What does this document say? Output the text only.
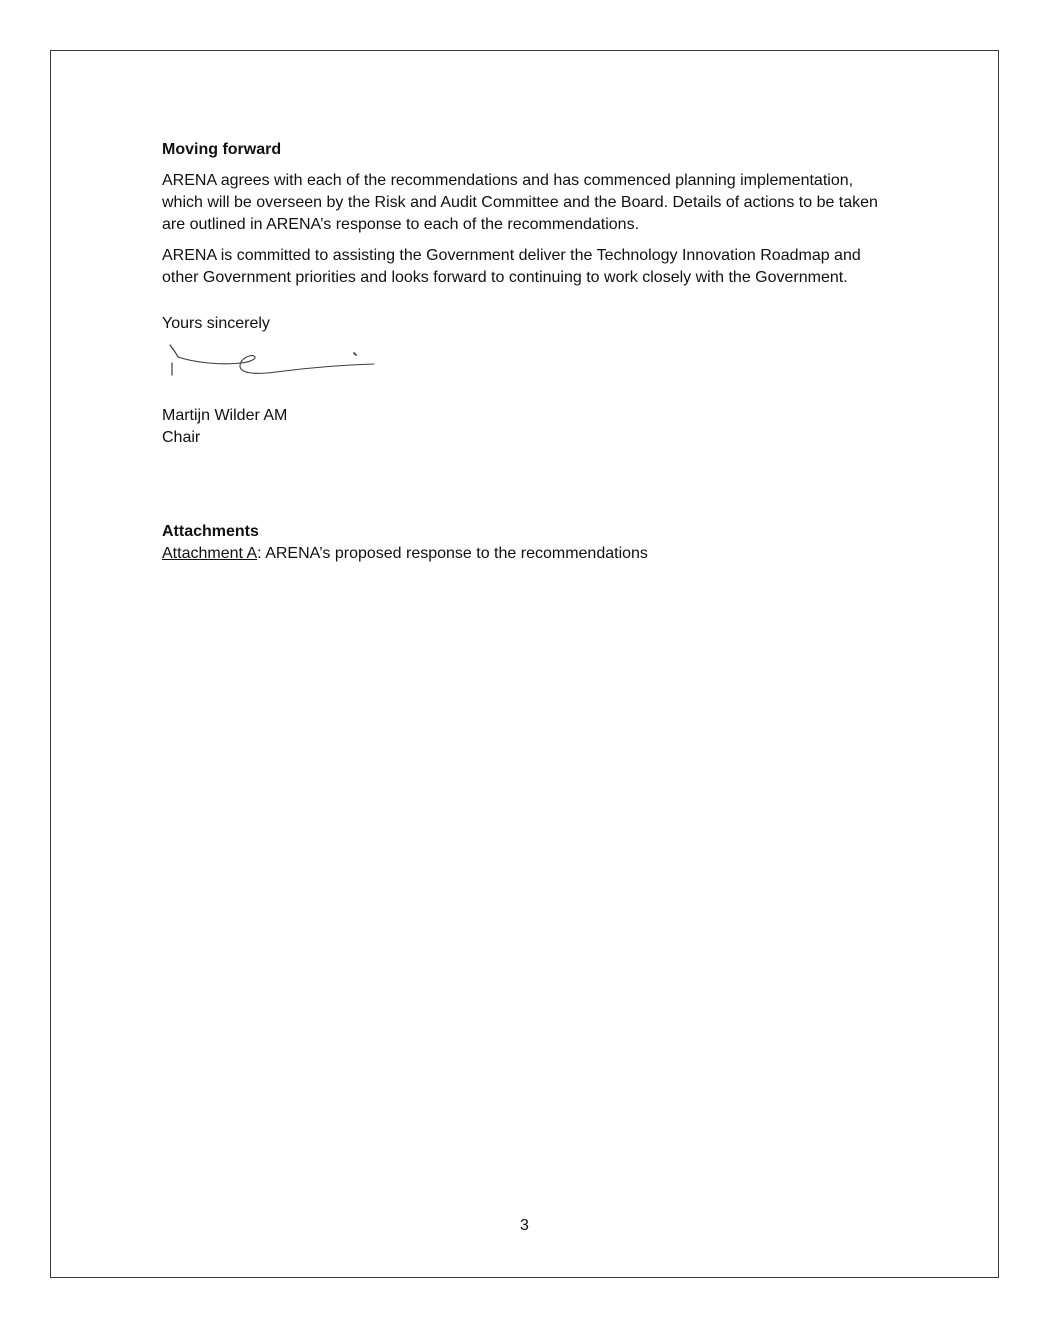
Moving forward

ARENA agrees with each of the recommendations and has commenced planning implementation, which will be overseen by the Risk and Audit Committee and the Board. Details of actions to be taken are outlined in ARENA’s response to each of the recommendations.

ARENA is committed to assisting the Government deliver the Technology Innovation Roadmap and other Government priorities and looks forward to continuing to work closely with the Government.

Yours sincerely
Martijn Wilder AM
Chair
Attachments
Attachment A: ARENA’s proposed response to the recommendations
3
